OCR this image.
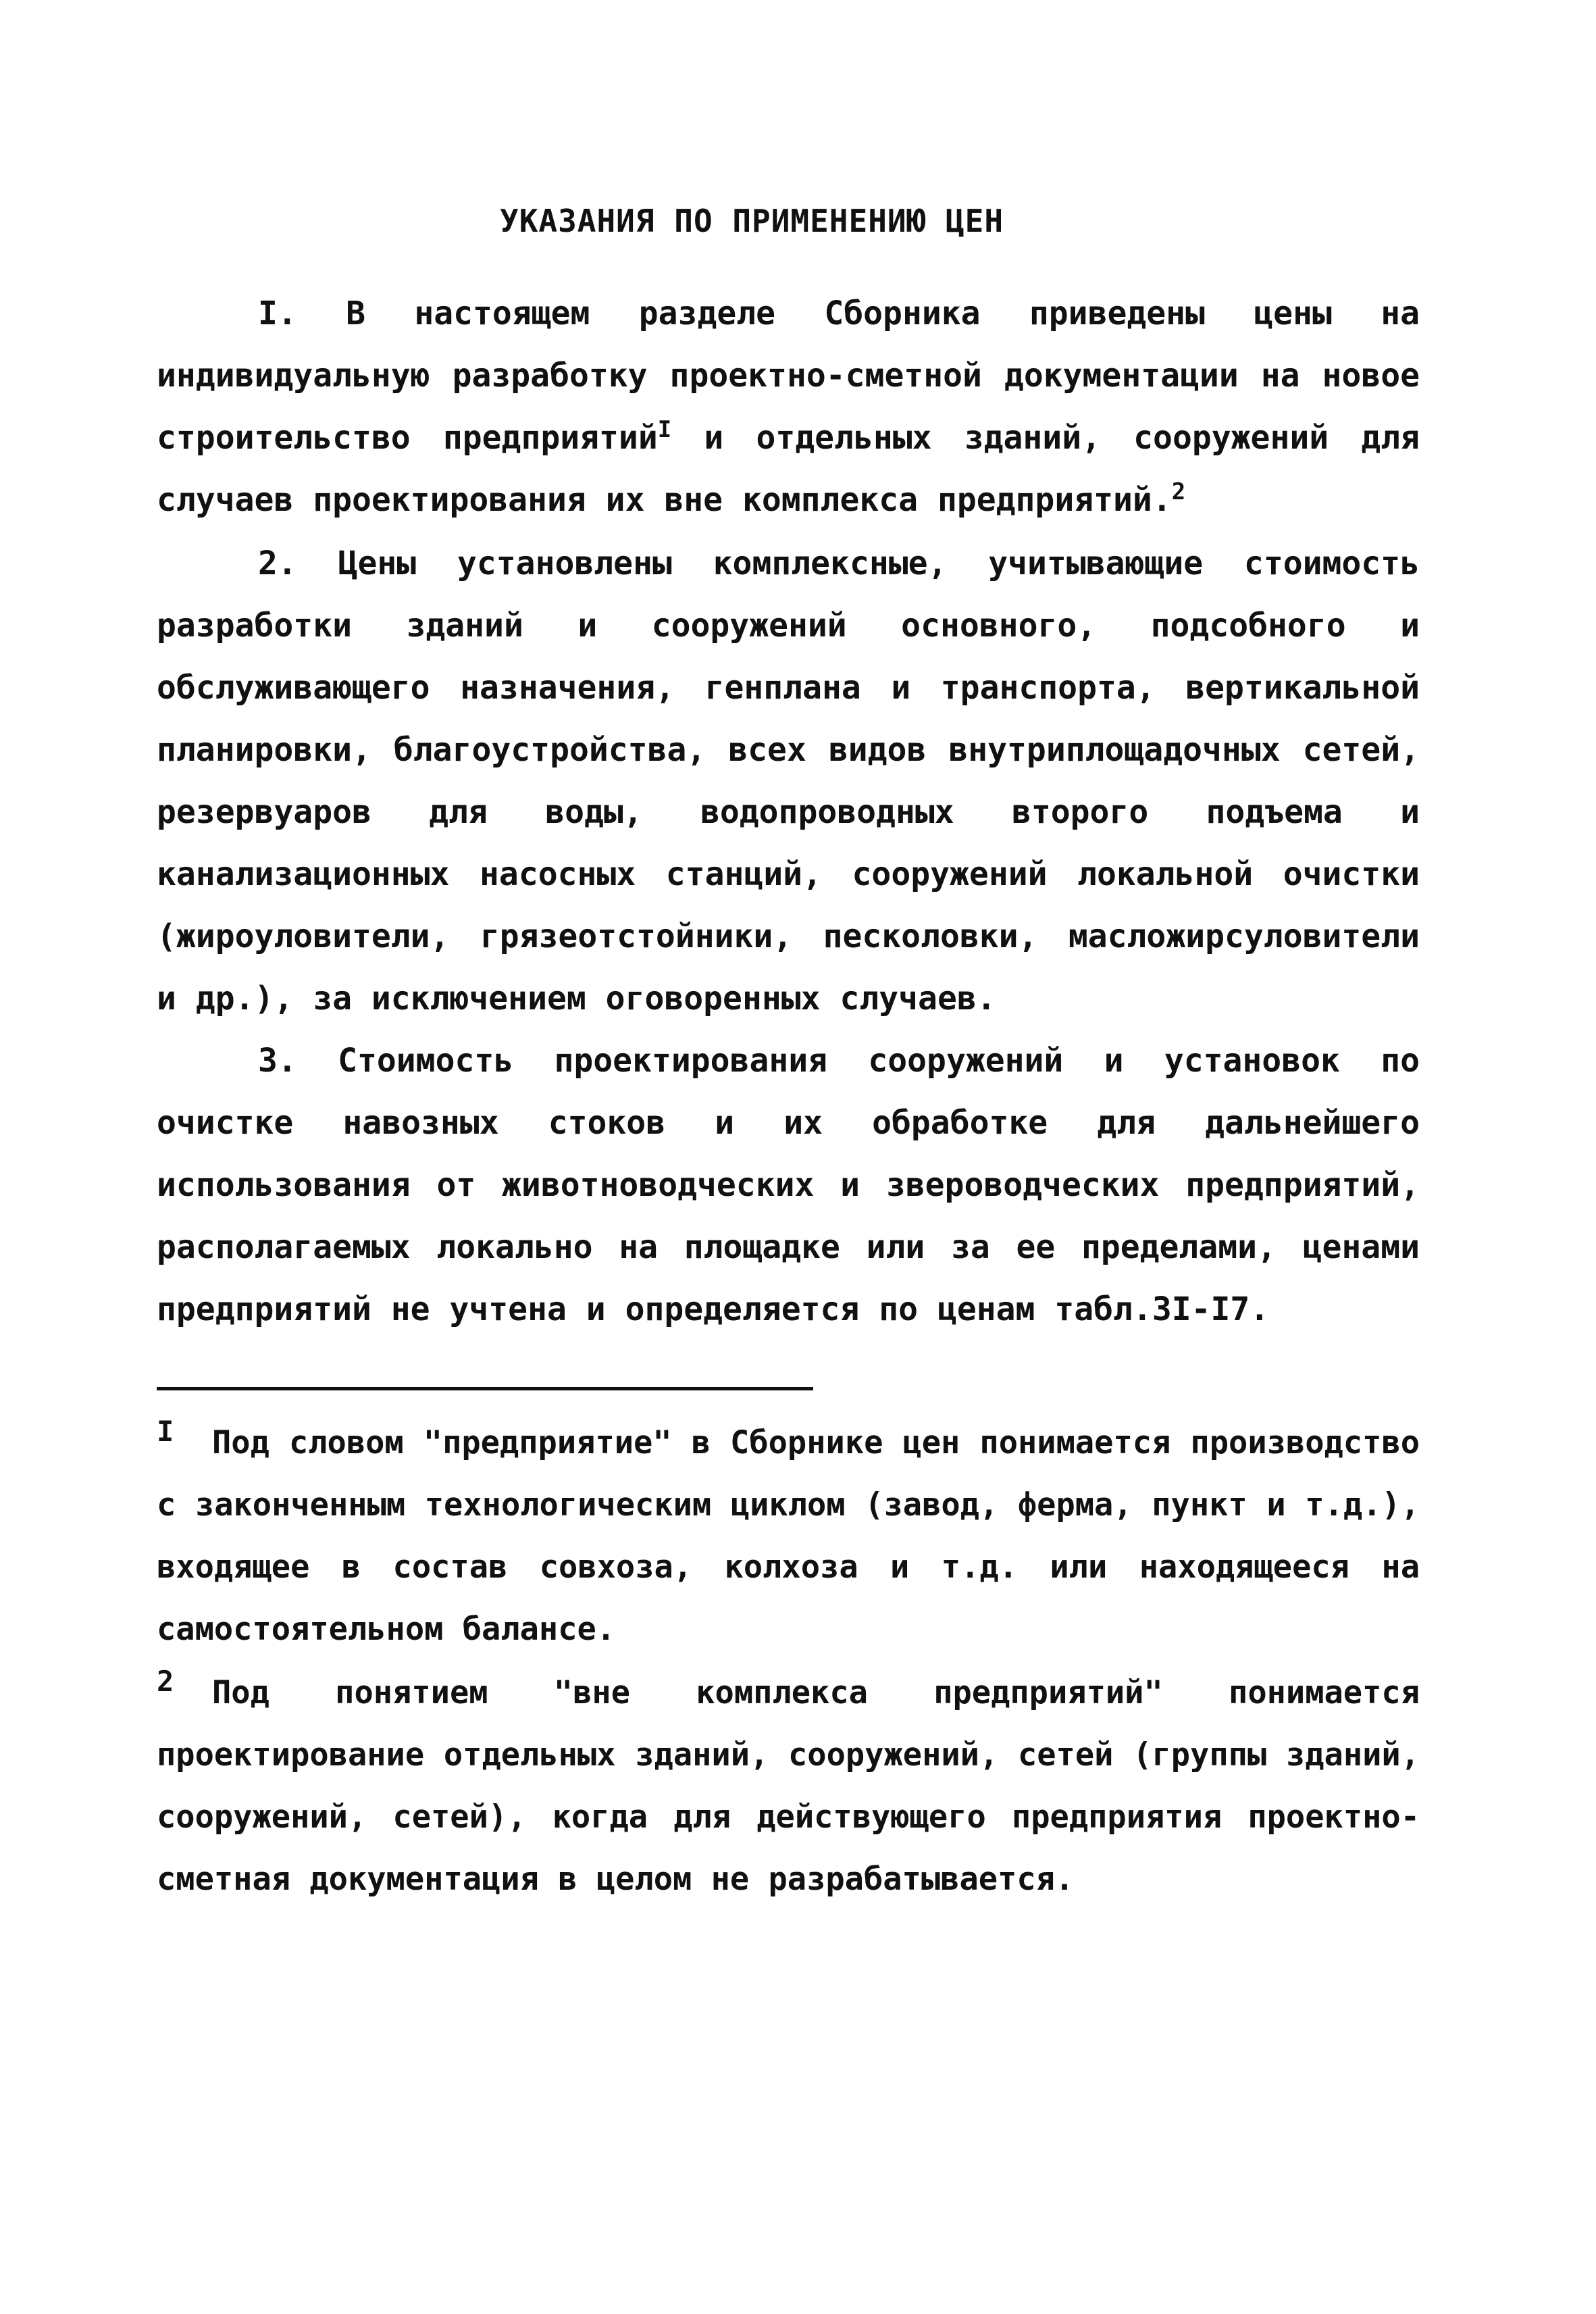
УКАЗАНИЯ ПО ПРИМЕНЕНИЮ ЦЕН

I. В настоящем разделе Сборника приведены цены на индивидуальную разработку проектно-сметной документации на новое строительство предприятий$^I$ и отдельных зданий, сооружений для случаев проектирования их вне комплекса предприятий.$^2$

2. Цены установлены комплексные, учитывающие стоимость разработки зданий и сооружений основного, подсобного и обслуживающего назначения, генплана и транспорта, вертикальной планировки, благоустройства, всех видов внутриплощадочных сетей, резервуаров для воды, водопроводных второго подъема и канализационных насосных станций, сооружений локальной очистки (жироуловители, грязеотстойники, песколовки, масложирсуловители и др.), за исключением оговоренных случаев.

3. Стоимость проектирования сооружений и установок по очистке навозных стоков и их обработке для дальнейшего использования от животноводческих и звероводческих предприятий, располагаемых локально на площадке или за ее пределами, ценами предприятий не учтена и определяется по ценам табл.3I-I7.

I Под словом "предприятие" в Сборнике цен понимается производство с законченным технологическим циклом (завод, ферма, пункт и т.д.), входящее в состав совхоза, колхоза и т.д. или находящееся на самостоятельном балансе.

2 Под понятием "вне комплекса предприятий" понимается проектирование отдельных зданий, сооружений, сетей (группы зданий, сооружений, сетей), когда для действующего предприятия проектно-сметная документация в целом не разрабатывается.
